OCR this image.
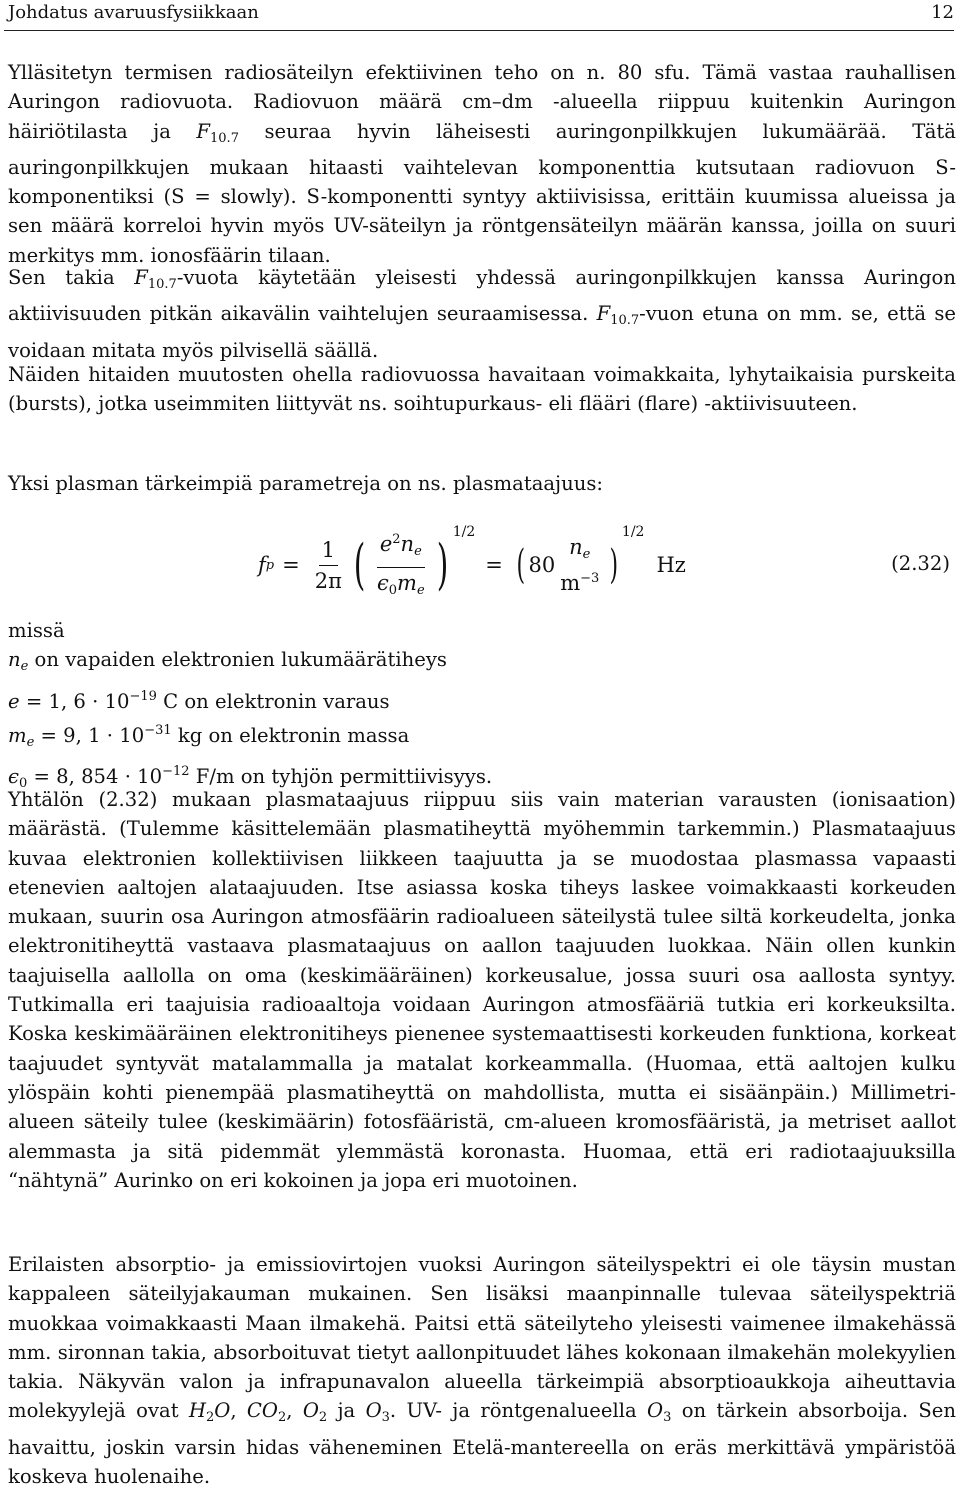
Johdatus avaruusfysiikkaan	12

Ylläsitetyn termisen radiosäteilyn efektiivinen teho on n. 80 sfu. Tämä vastaa rauhallisen Auringon radiovuota. Radiovuon määrä cm–dm -alueella riippuu kuitenkin Auringon häiriötilasta ja $F_{10.7}$ seuraa hyvin läheisesti auringonpilkkujen lukumäärää. Tätä auringonpilkkujen mukaan hitaasti vaihtelevan komponenttia kutsutaan radiovuon S-komponentiksi (S = slowly). S-komponentti syntyy aktiivisissa, erittäin kuumissa alueissa ja sen määrä korreloi hyvin myös UV-säteilyn ja röntgensäteilyn määrän kanssa, joilla on suuri merkitys mm. ionosfäärin tilaan.

Sen takia $F_{10.7}$-vuota käytetään yleisesti yhdessä auringonpilkkujen kanssa Auringon aktiivisuuden pitkän aikavälin vaihtelujen seuraamisessa. $F_{10.7}$-vuon etuna on mm. se, että se voidaan mitata myös pilvisellä säällä.

Näiden hitaiden muutosten ohella radiovuossa havaitaan voimakkaita, lyhytaikaisia purskeita (bursts), jotka useimmiten liittyvät ns. soihtupurkaus- eli flääri (flare) -aktiivisuuteen.

Yksi plasman tärkeimpiä parametreja on ns. plasmataajuus:

f $p = \frac{1}{2\pi}$ ( $\frac{e^2n_e}{\epsilon_0m_e}$ )
1/2
= ( 80
$n_e$
$m^{-3}$ )
1/2
Hz	(2.32)
missä
$n_e$ on vapaiden elektronien lukumäärätiheys
e = 1, $6 \cdot 10^{-19}$ C on elektronin varaus
$m_e = 9$, $1 \cdot 10^{-31}$ kg on elektronin massa
$\epsilon_0 = 8$, $854 \cdot 10^{-12}$ F/m on tyhjön permittiivisyys.

Yhtälön (2.32) mukaan plasmataajuus riippuu siis vain materian varausten (ionisaation) määrästä. (Tulemme käsittelemään plasmatiheyttä myöhemmin tarkemmin.) Plasmataajuus kuvaa elektronien kollektiivisen liikkeen taajuutta ja se muodostaa plasmassa vapaasti etenevien aaltojen alataajuuden. Itse asiassa koska tiheys laskee voimakkaasti korkeuden mukaan, suurin osa Auringon atmosfäärin radioalueen säteilystä tulee siltä korkeudelta, jonka elektronitiheyttä vastaava plasmataajuus on aallon taajuuden luokkaa. Näin ollen kunkin taajuisella aallolla on oma (keskimääräinen) korkeusalue, jossa suuri osa aallosta syntyy. Tutkimalla eri taajuisia radioaaltoja voidaan Auringon atmosfääriä tutkia eri korkeuksilta. Koska keskimääräinen elektronitiheys pienenee systemaattisesti korkeuden funktiona, korkeat taajuudet syntyvät matalammalla ja matalat korkeammalla. (Huomaa, että aaltojen kulku ylöspäin kohti pienempää plasmatiheyttä on mahdollista, mutta ei sisäänpäin.) Millimetri-alueen säteily tulee (keskimäärin) fotosfääristä, cm-alueen kromosfääristä, ja metriset aallot alemmasta ja sitä pidemmät ylemmästä koronasta. Huomaa, että eri radiotaajuuksilla “nähtynä” Aurinko on eri kokoinen ja jopa eri muotoinen.

Erilaisten absorptio- ja emissiovirtojen vuoksi Auringon säteilyspektri ei ole täysin mustan kappaleen säteilyjakauman mukainen. Sen lisäksi maanpinnalle tulevaa säteilyspektriä muokkaa voimakkaasti Maan ilmakehä. Paitsi että säteilyteho yleisesti vaimenee ilmakehässä mm. sironnan takia, absorboituvat tietyt aallonpituudet lähes kokonaan ilmakehän molekyylien takia. Näkyvän valon ja infrapunavalon alueella tärkeimpiä absorptioaukkoja aiheuttavia molekyylejä ovat $H_2O$, $CO_2$, $O_2$ ja $O_3$. UV- ja röntgenalueella $O_3$ on tärkein absorboija. Sen havaittu, joskin varsin hidas väheneminen Etelä-mantereella on eräs merkittävä ympäristöä koskeva huolenaihe.
